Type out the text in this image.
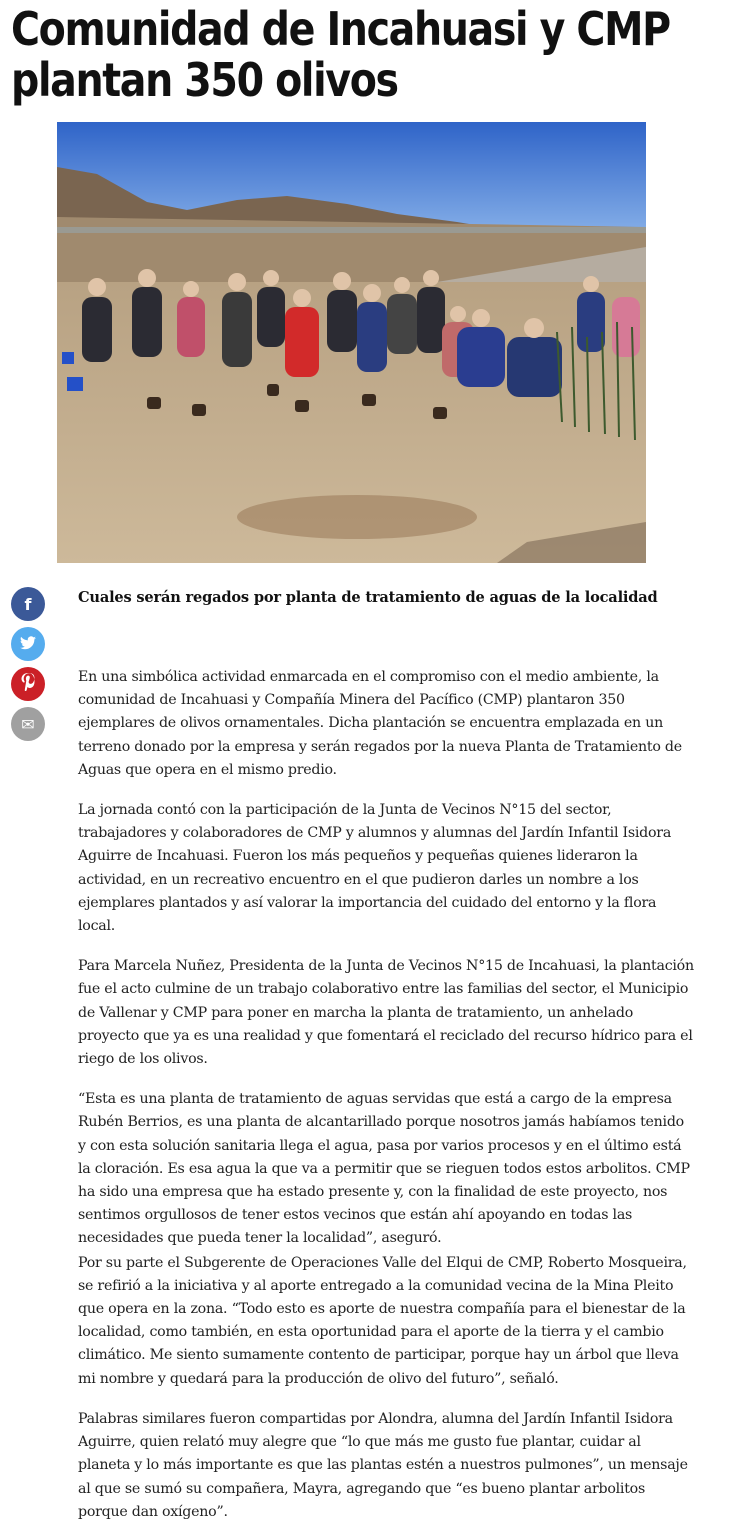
Comunidad de Incahuasi y CMP plantan 350 olivos
f
✉

Cuales serán regados por planta de tratamiento de aguas de la localidad

En una simbólica actividad enmarcada en el compromiso con el medio ambiente, la comunidad de Incahuasi y Compañía Minera del Pacífico (CMP) plantaron 350 ejemplares de olivos ornamentales. Dicha plantación se encuentra emplazada en un terreno donado por la empresa y serán regados por la nueva Planta de Tratamiento de Aguas que opera en el mismo predio.

La jornada contó con la participación de la Junta de Vecinos N°15 del sector, trabajadores y colaboradores de CMP y alumnos y alumnas del Jardín Infantil Isidora Aguirre de Incahuasi. Fueron los más pequeños y pequeñas quienes lideraron la actividad, en un recreativo encuentro en el que pudieron darles un nombre a los ejemplares plantados y así valorar la importancia del cuidado del entorno y la flora local.

Para Marcela Nuñez, Presidenta de la Junta de Vecinos N°15 de Incahuasi, la plantación fue el acto culmine de un trabajo colaborativo entre las familias del sector, el Municipio de Vallenar y CMP para poner en marcha la planta de tratamiento, un anhelado proyecto que ya es una realidad y que fomentará el reciclado del recurso hídrico para el riego de los olivos.

“Esta es una planta de tratamiento de aguas servidas que está a cargo de la empresa Rubén Berrios, es una planta de alcantarillado porque nosotros jamás habíamos tenido y con esta solución sanitaria llega el agua, pasa por varios procesos y en el último está la cloración. Es esa agua la que va a permitir que se rieguen todos estos arbolitos. CMP ha sido una empresa que ha estado presente y, con la finalidad de este proyecto, nos sentimos orgullosos de tener estos vecinos que están ahí apoyando en todas las necesidades que pueda tener la localidad”, aseguró.

Por su parte el Subgerente de Operaciones Valle del Elqui de CMP, Roberto Mosqueira, se refirió a la iniciativa y al aporte entregado a la comunidad vecina de la Mina Pleito que opera en la zona. “Todo esto es aporte de nuestra compañía para el bienestar de la localidad, como también, en esta oportunidad para el aporte de la tierra y el cambio climático. Me siento sumamente contento de participar, porque hay un árbol que lleva mi nombre y quedará para la producción de olivo del futuro”, señaló.

Palabras similares fueron compartidas por Alondra, alumna del Jardín Infantil Isidora Aguirre, quien relató muy alegre que “lo que más me gusto fue plantar, cuidar al planeta y lo más importante es que las plantas estén a nuestros pulmones”, un mensaje al que se sumó su compañera, Mayra, agregando que “es bueno plantar arbolitos porque dan oxígeno”.
